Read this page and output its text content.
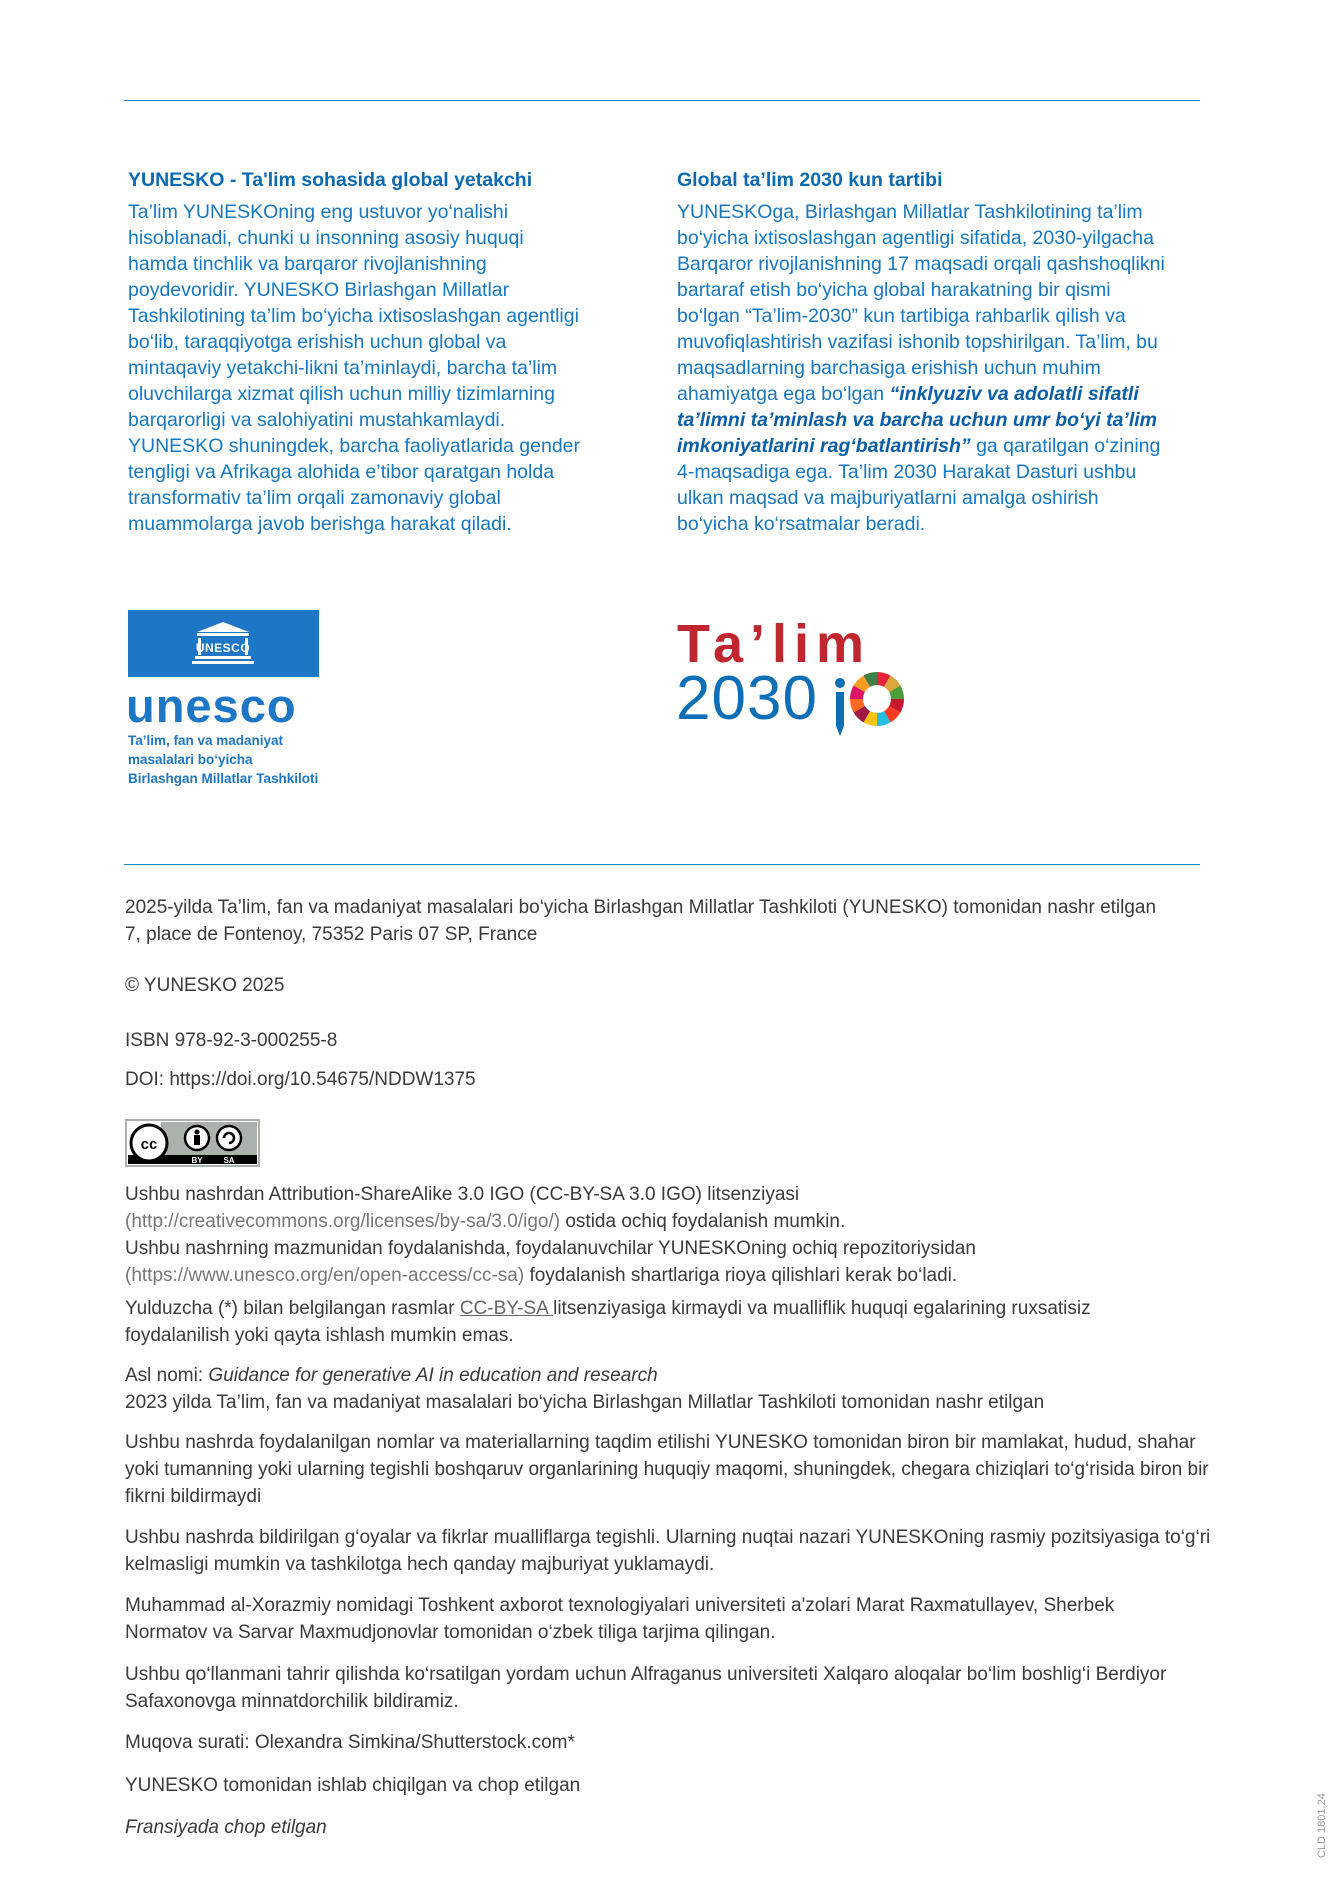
YUNESKO - Ta'lim sohasida global yetakchi

Ta’lim YUNESKOning eng ustuvor yo‘nalishi hisoblanadi, chunki u insonning asosiy huquqi hamda tinchlik va barqaror rivojlanishning poydevoridir. YUNESKO Birlashgan Millatlar Tashkilotining ta’lim bo‘yicha ixtisoslashgan agentligi bo‘lib, taraqqiyotga erishish uchun global va mintaqaviy yetakchi-likni ta’minlaydi, barcha ta’lim oluvchilarga xizmat qilish uchun milliy tizimlarning barqarorligi va salohiyatini mustahkamlaydi. YUNESKO shuningdek, barcha faoliyatlarida gender tengligi va Afrikaga alohida e’tibor qaratgan holda transformativ ta’lim orqali zamonaviy global muammolarga javob berishga harakat qiladi.

Global ta’lim 2030 kun tartibi

YUNESKOga, Birlashgan Millatlar Tashkilotining ta’lim bo‘yicha ixtisoslashgan agentligi sifatida, 2030-yilgacha Barqaror rivojlanishning 17 maqsadi orqali qashshoqlikni bartaraf etish bo‘yicha global harakatning bir qismi bo‘lgan “Ta’lim-2030” kun tartibiga rahbarlik qilish va muvofiqlashtirish vazifasi ishonib topshirilgan. Ta’lim, bu maqsadlarning barchasiga erishish uchun muhim ahamiyatga ega bo‘lgan “inklyuziv va adolatli sifatli ta’limni ta’minlash va barcha uchun umr bo‘yi ta’lim imkoniyatlarini rag‘batlantirish” ga qaratilgan o‘zining 4-maqsadiga ega. Ta’lim 2030 Harakat Dasturi ushbu ulkan maqsad va majburiyatlarni amalga oshirish bo‘yicha ko‘rsatmalar beradi.

UNESCO
unesco
Ta’lim, fan va madaniyat
masalalari bo‘yicha
Birlashgan Millatlar Tashkiloti
Ta’lim
2030

2025-yilda Ta’lim, fan va madaniyat masalalari bo‘yicha Birlashgan Millatlar Tashkiloti (YUNESKO) tomonidan nashr etilgan
7, place de Fontenoy, 75352 Paris 07 SP, France

© YUNESKO 2025

ISBN 978-92-3-000255-8

DOI: https://doi.org/10.54675/NDDW1375

cc
BY	SA

Ushbu nashrdan Attribution-ShareAlike 3.0 IGO (CC-BY-SA 3.0 IGO) litsenziyasi
(http://creativecommons.org/licenses/by-sa/3.0/igo/) ostida ochiq foydalanish mumkin.
Ushbu nashrning mazmunidan foydalanishda, foydalanuvchilar YUNESKOning ochiq repozitoriysidan
(https://www.unesco.org/en/open-access/cc-sa) foydalanish shartlariga rioya qilishlari kerak bo‘ladi.

Yulduzcha (*) bilan belgilangan rasmlar CC-BY-SA litsenziyasiga kirmaydi va mualliflik huquqi egalarining ruxsatisiz foydalanilish yoki qayta ishlash mumkin emas.

Asl nomi: Guidance for generative AI in education and research
2023 yilda Ta’lim, fan va madaniyat masalalari bo‘yicha Birlashgan Millatlar Tashkiloti tomonidan nashr etilgan

Ushbu nashrda foydalanilgan nomlar va materiallarning taqdim etilishi YUNESKO tomonidan biron bir mamlakat, hudud, shahar yoki tumanning yoki ularning tegishli boshqaruv organlarining huquqiy maqomi, shuningdek, chegara chiziqlari to‘g‘risida biron bir fikrni bildirmaydi

Ushbu nashrda bildirilgan g‘oyalar va fikrlar mualliflarga tegishli. Ularning nuqtai nazari YUNESKOning rasmiy pozitsiyasiga to‘g‘ri kelmasligi mumkin va tashkilotga hech qanday majburiyat yuklamaydi.

Muhammad al-Xorazmiy nomidagi Toshkent axborot texnologiyalari universiteti a'zolari Marat Raxmatullayev, Sherbek Normatov va Sarvar Maxmudjonovlar tomonidan o‘zbek tiliga tarjima qilingan.

Ushbu qo‘llanmani tahrir qilishda ko‘rsatilgan yordam uchun Alfraganus universiteti Xalqaro aloqalar bo‘lim boshlig‘i Berdiyor Safaxonovga minnatdorchilik bildiramiz.

Muqova surati: Olexandra Simkina/Shutterstock.com*

YUNESKO tomonidan ishlab chiqilgan va chop etilgan

Fransiyada chop etilgan	CLD 1801.24
